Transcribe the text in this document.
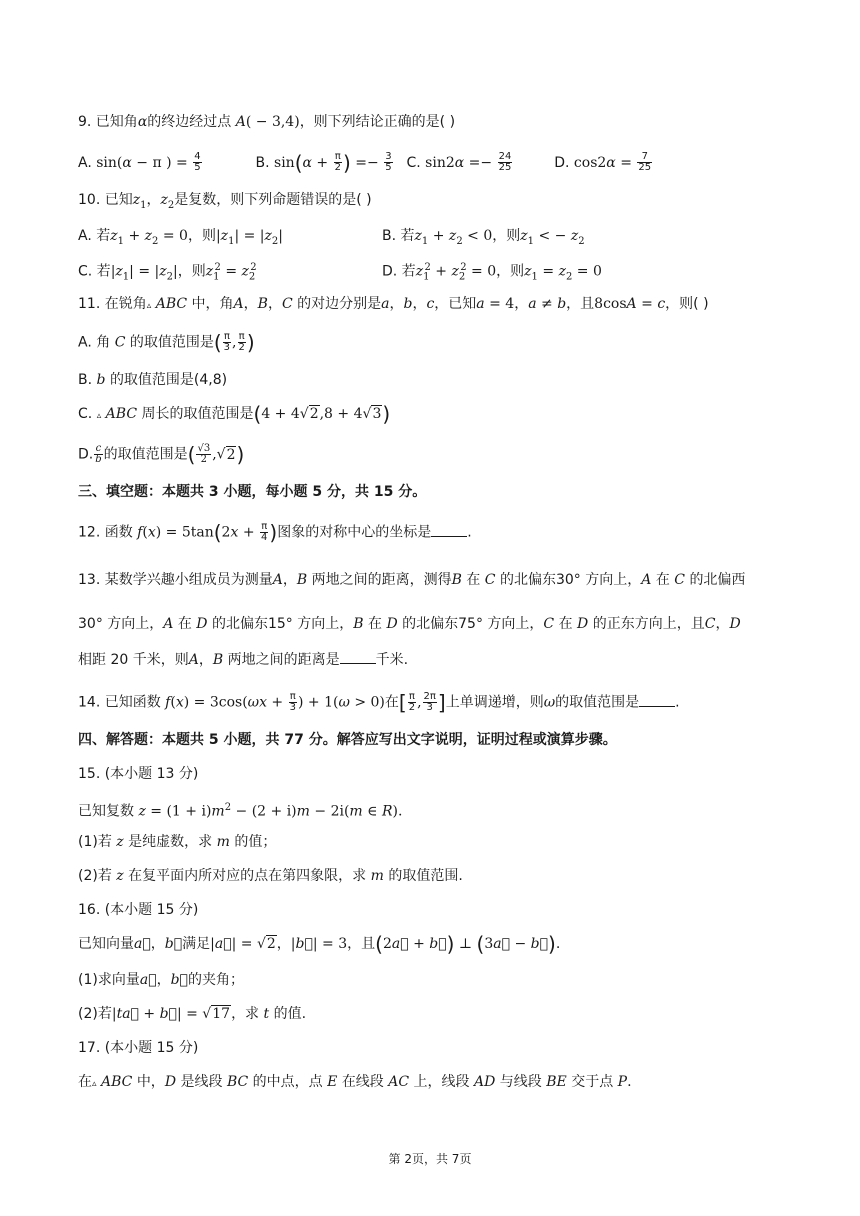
9. 已知角α的终边经过点 A( − 3,4)，则下列结论正确的是( )
A. sin(α − π ) = $\frac{4}{5}$	B. $\sin(\alpha + \frac{\pi}{2}$ ) =− $\frac{3}{5} C$. $\sin 2\alpha =- \frac{24}{25}$	D. $\cos 2\alpha = \frac{7}{25}$
10. 已知$z_1$，$z_2$是复数，则下列命题错误的是( )
A. 若$z_1 + z_2 = 0$，则$|z_1| = |z_2|$	B. 若$z_1 + z_2 < 0$，则$z_1$ < − $z_2$
C. 若$|z_1| = |z_2|$，则$z_1^2 = z_2^2$	D. 若$z_1^2 + z_2^2 = 0$，则$z_1 = z_2 = 0$
11. 在锐角▵ ABC 中，角A，B，C 的对边分别是a，b，c，已知a = 4，a ≠ b，且8cosA = c，则( )
A. 角 C 的取值范围是( $\frac{\pi}{3}$ , $\frac{\pi}{2}$ )
B. b 的取值范围是(4,8)
C. ▵ ABC 周长的取值范围是(4 + 4√2,8 + 4√3)
D. $\frac{c}{b}$ 的取值范围是( $\frac{√3}{2} ,√2$)
三、填空题：本题共 3 小题，每小题 5 分，共 15 分。
12. 函数 $f(x) = 5\tan(2x + \frac{\pi}{4}$ )图象的对称中心的坐标是	.
13. 某数学兴趣小组成员为测量A，B 两地之间的距离，测得B 在 C 的北偏东30° 方向上，A 在 C 的北偏西
30° 方向上，A 在 D 的北偏东15° 方向上，B 在 D 的北偏东75° 方向上，C 在 D 的正东方向上，且C，D
相距 20 千米，则A，B 两地之间的距离是	千米.
14. 已知函数 $f(x) = 3\cos(\omega x + \frac{\pi}{3}$ ) + 1(ω > 0)在[ $\frac{\pi}{2}$ , $\frac{2\pi}{3}$ ]上单调递增，则ω的取值范围是	.
四、解答题：本题共 5 小题，共 77 分。解答应写出文字说明，证明过程或演算步骤。
15. (本小题 13 分)
已知复数 $z = (1 + i)m^2 - (2 + i)m - 2i(m$ ∈ R).
(1)若 z 是纯虚数，求 m 的值；
(2)若 z 在复平面内所对应的点在第四象限，求 m 的取值范围.
16. (本小题 15 分)
已知向量a⃗，b⃗满足|a⃗| = √2，|b⃗| = 3，且(2a⃗ + b⃗) ⊥ (3a⃗ − b⃗).
(1)求向量a⃗，b⃗的夹角；
(2)若|ta⃗ + b⃗| = √17，求 t 的值.
17. (本小题 15 分)
在▵ ABC 中，D 是线段 BC 的中点，点 E 在线段 AC 上，线段 AD 与线段 BE 交于点 P.
第 2页，共 7页
